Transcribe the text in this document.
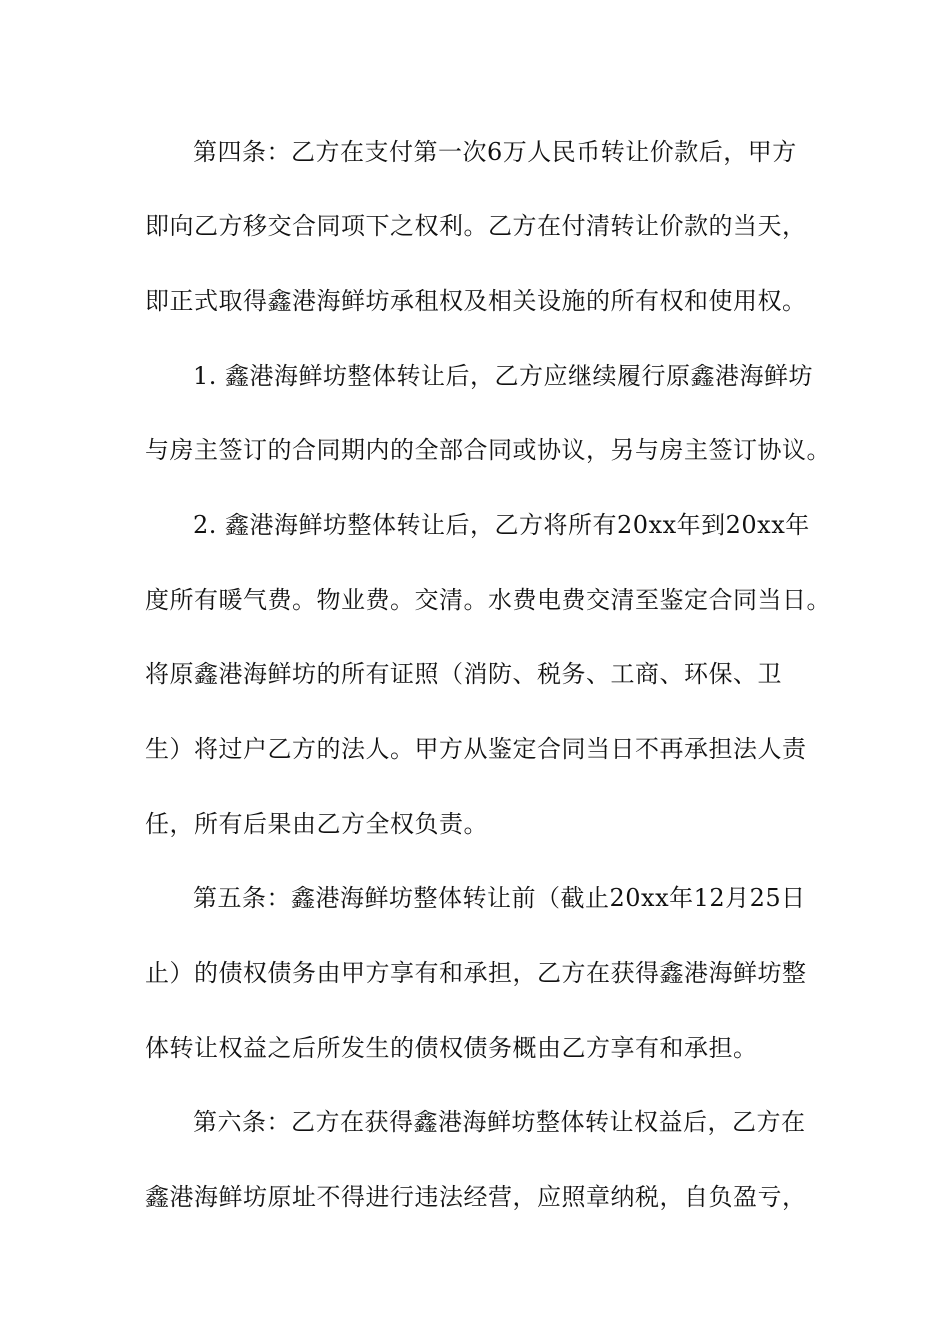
第四条：乙方在支付第一次6万人民币转让价款后，甲方
即向乙方移交合同项下之权利。乙方在付清转让价款的当天，
即正式取得鑫港海鲜坊承租权及相关设施的所有权和使用权。
1. 鑫港海鲜坊整体转让后，乙方应继续履行原鑫港海鲜坊
与房主签订的合同期内的全部合同或协议，另与房主签订协议。
2. 鑫港海鲜坊整体转让后，乙方将所有20xx年到20xx年
度所有暖气费。物业费。交清。水费电费交清至鉴定合同当日。
将原鑫港海鲜坊的所有证照（消防、税务、工商、环保、卫
生）将过户乙方的法人。甲方从鉴定合同当日不再承担法人责
任，所有后果由乙方全权负责。
第五条：鑫港海鲜坊整体转让前（截止20xx年12月25日
止）的债权债务由甲方享有和承担，乙方在获得鑫港海鲜坊整
体转让权益之后所发生的债权债务概由乙方享有和承担。
第六条：乙方在获得鑫港海鲜坊整体转让权益后，乙方在
鑫港海鲜坊原址不得进行违法经营，应照章纳税，自负盈亏，
